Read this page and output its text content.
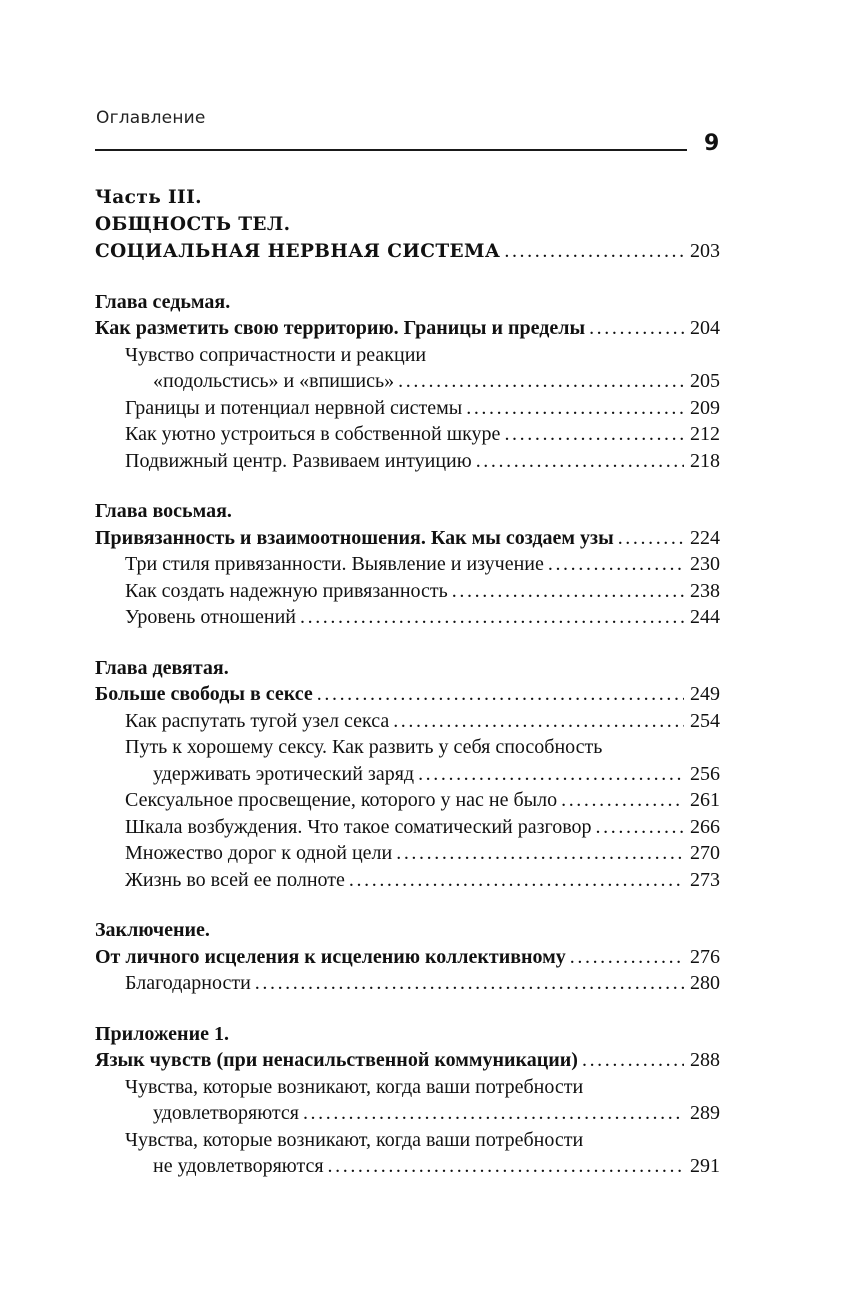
Оглавление
9
Часть III.
ОБЩНОСТЬ ТЕЛ.
СОЦИАЛЬНАЯ НЕРВНАЯ СИСТЕМА . . .	203
Глава седьмая.
Как разметить свою территорию. Границы и пределы . . .	204
Чувство сопричастности и реакции
«подольстись» и «впишись» . . .	205
Границы и потенциал нервной системы . . .	209
Как уютно устроиться в собственной шкуре . . .	212
Подвижный центр. Развиваем интуицию . . .	218
Глава восьмая.
Привязанность и взаимоотношения. Как мы создаем узы . . .	224
Три стиля привязанности. Выявление и изучение . . .	230
Как создать надежную привязанность . . .	238
Уровень отношений . . .	244
Глава девятая.
Больше свободы в сексе . . .	249
Как распутать тугой узел секса . . .	254
Путь к хорошему сексу. Как развить у себя способность
удерживать эротический заряд . . .	256
Сексуальное просвещение, которого у нас не было . . .	261
Шкала возбуждения. Что такое соматический разговор . . .	266
Множество дорог к одной цели . . .	270
Жизнь во всей ее полноте . . .	273
Заключение.
От личного исцеления к исцелению коллективному . . .	276
Благодарности . . .	280
Приложение 1.
Язык чувств (при ненасильственной коммуникации) . . .	288
Чувства, которые возникают, когда ваши потребности
удовлетворяются . . .	289
Чувства, которые возникают, когда ваши потребности
не удовлетворяются . . .	291
